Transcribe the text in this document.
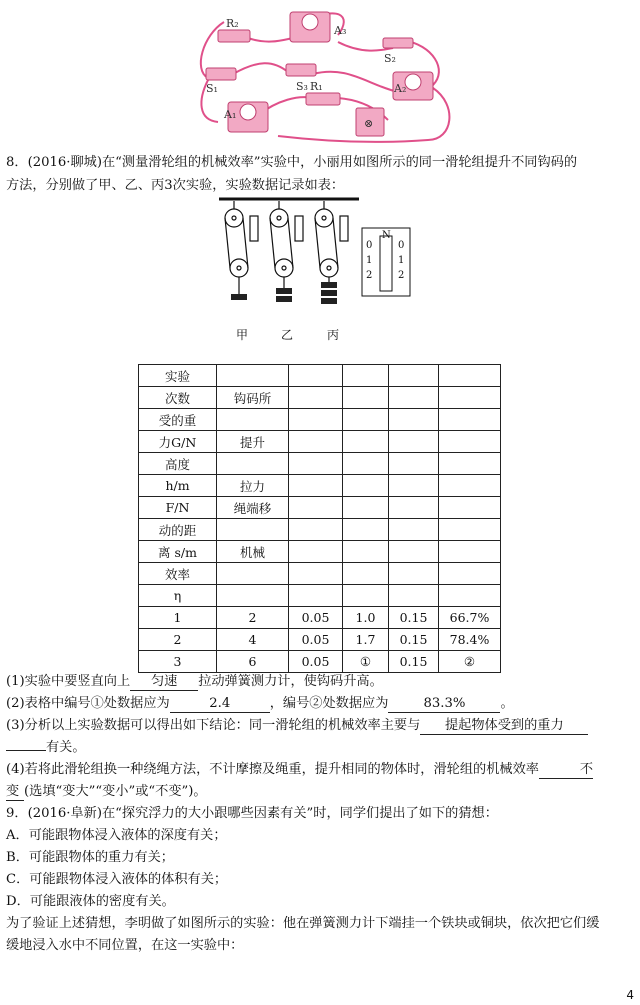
R₂
A₃
S₂
S₁	S₃ R₁	A₂
A₁
⊗
8．(2016·聊城)在“测量滑轮组的机械效率”实验中，小丽用如图所示的同一滑轮组提升不同钩码的
方法，分别做了甲、乙、丙3次实验，实验数据记录如表：
N
0
1
2
0
1
2
甲	乙	丙
实验					
次数	钩码所				
受的重					
力G/N	提升				
高度					
h/m	拉力				
F/N	绳端移				
动的距					
离 s/m	机械				
效率					
η					
1	2	0.05	1.0	0.15	66.7%
2	4	0.05	1.7	0.15	78.4%
3	6	0.05	①	0.15	②
(1)实验中要竖直向上 匀速 拉动弹簧测力计，使钩码升高。
(2)表格中编号①处数据应为	2.4	，编号②处数据应为	83.3%	。
(3)分析以上实验数据可以得出如下结论：同一滑轮组的机械效率主要与 提起物体受到的重力
有关。
(4)若将此滑轮组换一种绕绳方法，不计摩擦及绳重，提升相同的物体时，滑轮组的机械效率	不
变 (选填“变大”“变小”或“不变”)。
9．(2016·阜新)在“探究浮力的大小跟哪些因素有关”时，同学们提出了如下的猜想：
A．可能跟物体浸入液体的深度有关；
B．可能跟物体的重力有关；
C．可能跟物体浸入液体的体积有关；
D．可能跟液体的密度有关。
为了验证上述猜想，李明做了如图所示的实验：他在弹簧测力计下端挂一个铁块或铜块，依次把它们缓
缓地浸入水中不同位置，在这一实验中：
4
